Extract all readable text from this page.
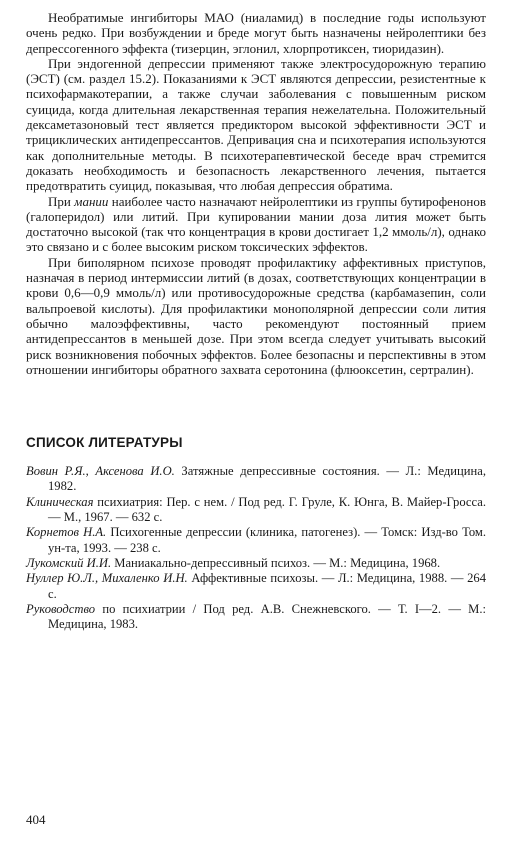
Необратимые ингибиторы МАО (ниаламид) в последние годы используют очень редко. При возбуждении и бреде могут быть назначены нейролептики без депрессогенного эффекта (тизерцин, эглонил, хлорпротиксен, тиоридазин).

При эндогенной депрессии применяют также электросудорожную терапию (ЭСТ) (см. раздел 15.2). Показаниями к ЭСТ являются депрессии, резистентные к психофармакотерапии, а также случаи заболевания с повышенным риском суицида, когда длительная лекарственная терапия нежелательна. Положительный дексаметазоновый тест является предиктором высокой эффективности ЭСТ и трициклических антидепрессантов. Депривация сна и психотерапия используются как дополнительные методы. В психотерапевтической беседе врач стремится доказать необходимость и безопасность лекарственного лечения, пытается предотвратить суицид, показывая, что любая депрессия обратима.

При мании наиболее часто назначают нейролептики из группы бутирофенонов (галоперидол) или литий. При купировании мании доза лития может быть достаточно высокой (так что концентрация в крови достигает 1,2 ммоль/л), однако это связано и с более высоким риском токсических эффектов.

При биполярном психозе проводят профилактику аффективных приступов, назначая в период интермиссии литий (в дозах, соответствующих концентрации в крови 0,6—0,9 ммоль/л) или противосудорожные средства (карбамазепин, соли вальпроевой кислоты). Для профилактики монополярной депрессии соли лития обычно малоэффективны, часто рекомендуют постоянный прием антидепрессантов в меньшей дозе. При этом всегда следует учитывать высокий риск возникновения побочных эффектов. Более безопасны и перспективны в этом отношении ингибиторы обратного захвата серотонина (флюоксетин, сертралин).

СПИСОК ЛИТЕРАТУРЫ

Вовин Р.Я., Аксенова И.О. Затяжные депрессивные состояния. — Л.: Медицина, 1982.

Клиническая психиатрия: Пер. с нем. / Под ред. Г. Груле, К. Юнга, В. Майер-Гросса. — М., 1967. — 632 с.

Корнетов Н.А. Психогенные депрессии (клиника, патогенез). — Томск: Изд-во Том. ун-та, 1993. — 238 с.

Лукомский И.И. Маниакально-депрессивный психоз. — М.: Медицина, 1968.

Нуллер Ю.Л., Михаленко И.Н. Аффективные психозы. — Л.: Медицина, 1988. — 264 с.

Руководство по психиатрии / Под ред. А.В. Снежневского. — Т. I—2. — М.: Медицина, 1983.

404
